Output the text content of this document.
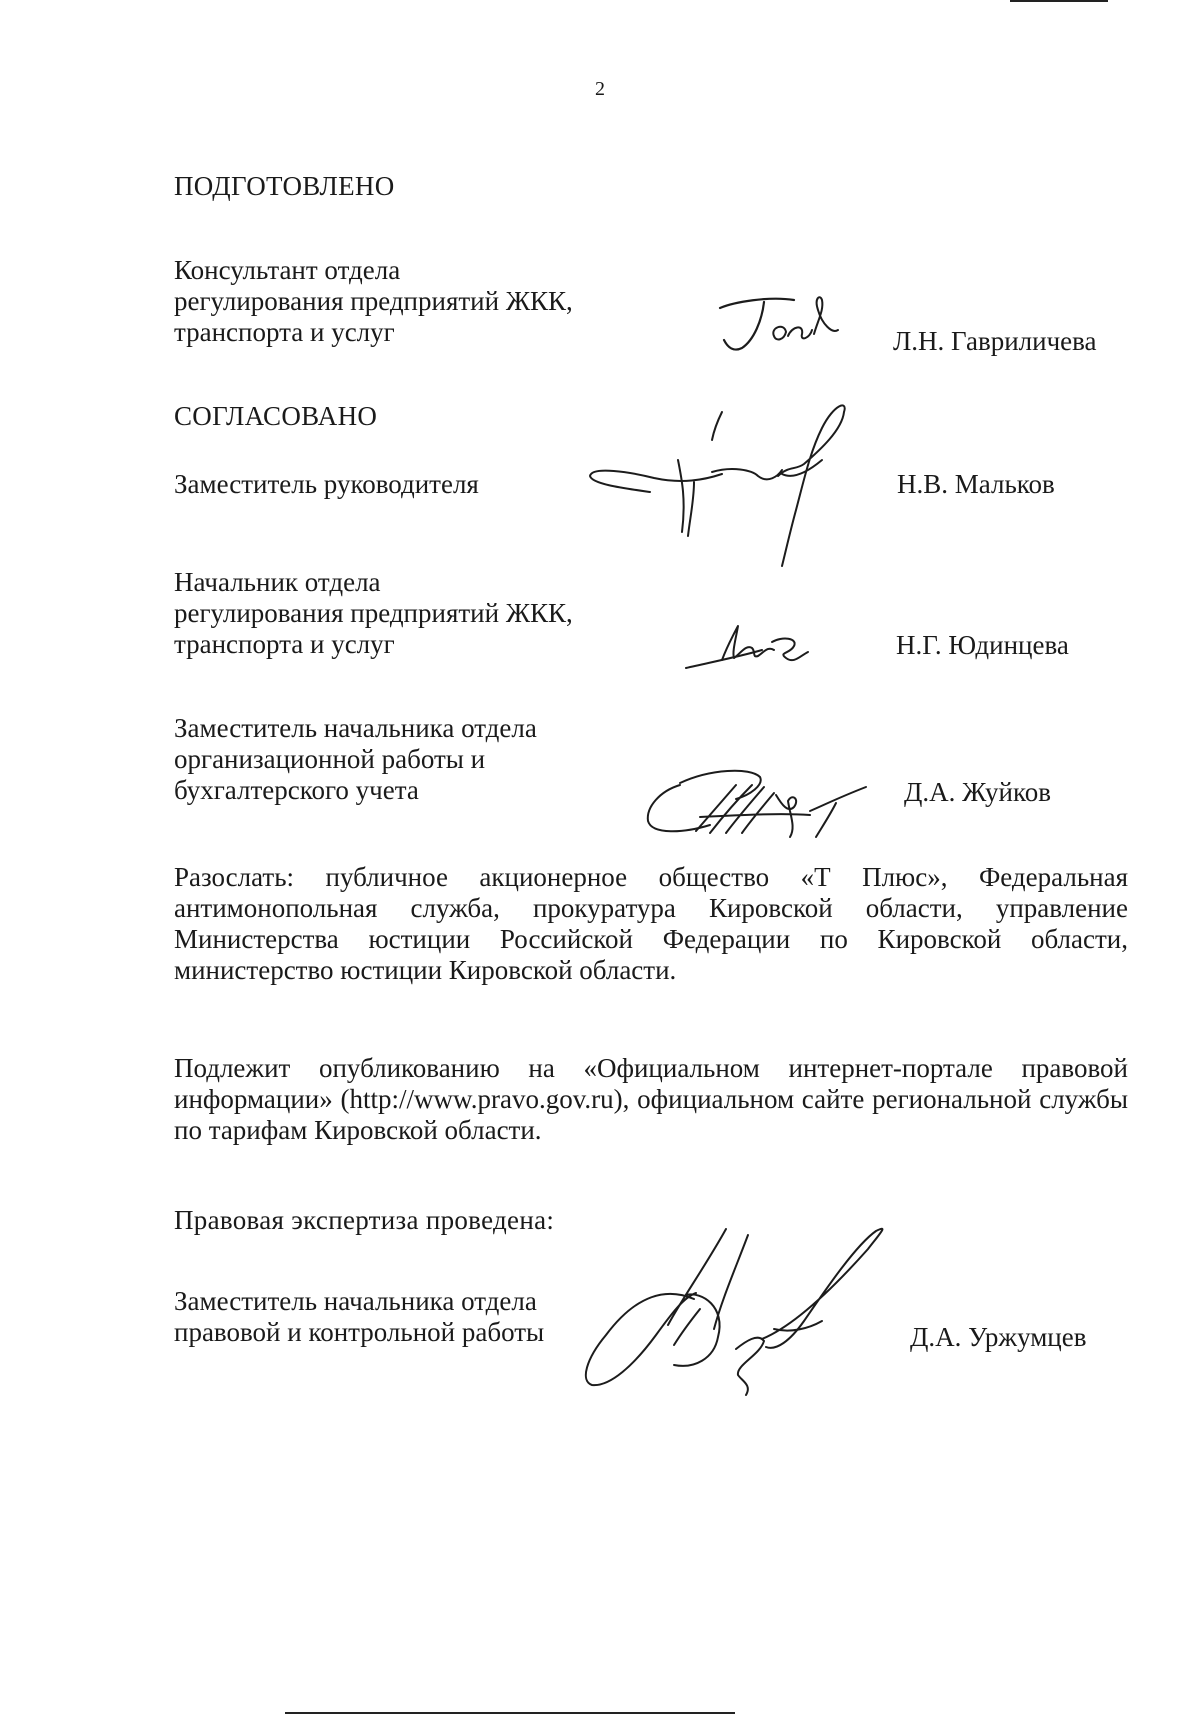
2
ПОДГОТОВЛЕНО
Консультант отдела
регулирования предприятий ЖКК,
транспорта и услуг	Л.Н. Гавриличева
СОГЛАСОВАНО
Заместитель руководителя	Н.В. Мальков
Начальник отдела
регулирования предприятий ЖКК,
транспорта и услуг	Н.Г. Юдинцева
Заместитель начальника отдела
организационной работы и
бухгалтерского учета	Д.А. Жуйков

Разослать: публичное акционерное общество «Т Плюс», Федеральная антимонопольная служба, прокуратура Кировской области, управление Министерства юстиции Российской Федерации по Кировской области, министерство юстиции Кировской области.

Подлежит опубликованию на «Официальном интернет-портале правовой информации» (http://www.pravo.gov.ru), официальном сайте региональной службы по тарифам Кировской области.

Правовая экспертиза проведена:
Заместитель начальника отдела
правовой и контрольной работы	Д.А. Уржумцев
